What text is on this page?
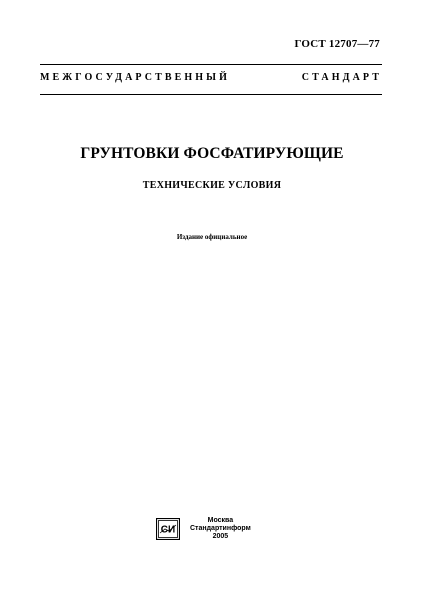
ГОСТ 12707—77
МЕЖГОСУДАРСТВЕННЫЙ СТАНДАРТ
ГРУНТОВКИ ФОСФАТИРУЮЩИЕ
ТЕХНИЧЕСКИЕ УСЛОВИЯ
Издание официальное
СИ
Москва
Стандартинформ
2005
